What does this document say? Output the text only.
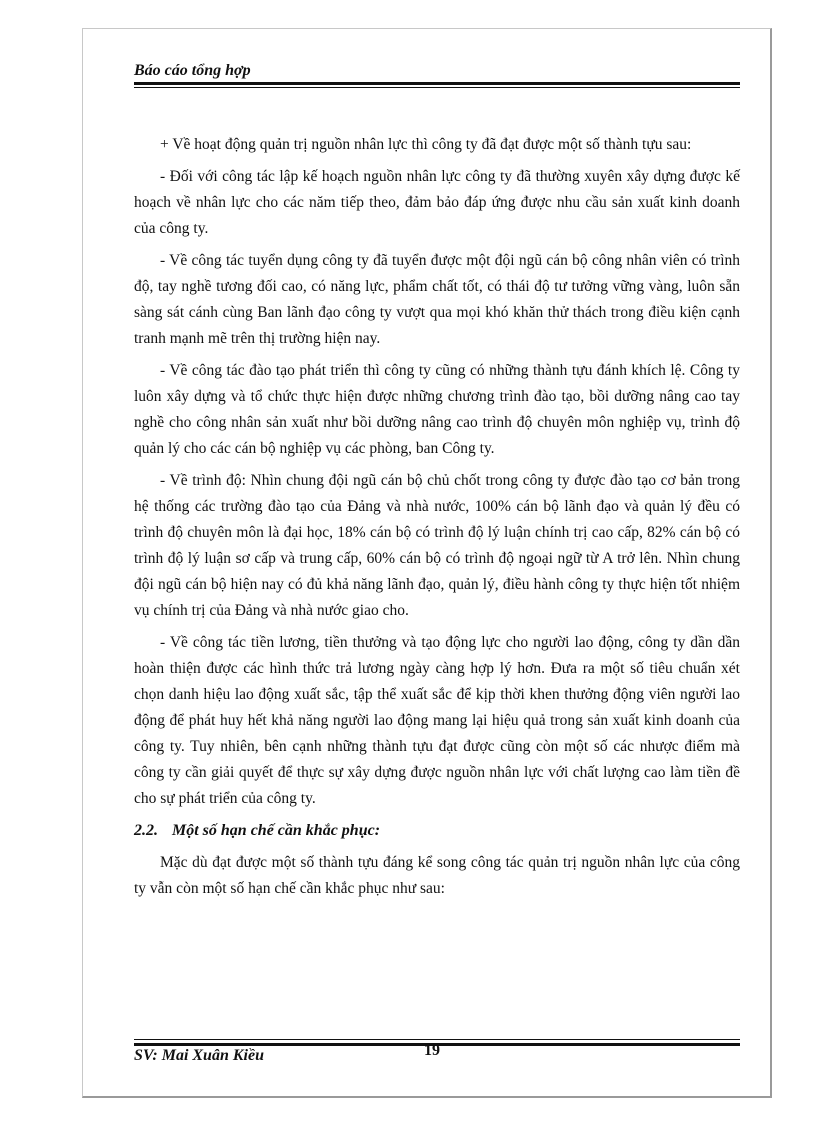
Báo cáo tổng hợp

+ Về hoạt động quản trị nguồn nhân lực thì công ty đã đạt được một số thành tựu sau:

- Đối với công tác lập kế hoạch nguồn nhân lực công ty đã thường xuyên xây dựng được kế hoạch về nhân lực cho các năm tiếp theo, đảm bảo đáp ứng được nhu cầu sản xuất kinh doanh của công ty.

- Về công tác tuyển dụng công ty đã tuyển được một đội ngũ cán bộ công nhân viên có trình độ, tay nghề tương đối cao, có năng lực, phẩm chất tốt, có thái độ tư tưởng vững vàng, luôn sẵn sàng sát cánh cùng Ban lãnh đạo công ty vượt qua mọi khó khăn thử thách trong điều kiện cạnh tranh mạnh mẽ trên thị trường hiện nay.

- Về công tác đào tạo phát triển thì công ty cũng có những thành tựu đánh khích lệ. Công ty luôn xây dựng và tổ chức thực hiện được những chương trình đào tạo, bồi dưỡng nâng cao tay nghề cho công nhân sản xuất như bồi dưỡng nâng cao trình độ chuyên môn nghiệp vụ, trình độ quản lý cho các cán bộ nghiệp vụ các phòng, ban Công ty.

- Về trình độ: Nhìn chung đội ngũ cán bộ chủ chốt trong công ty được đào tạo cơ bản trong hệ thống các trường đào tạo của Đảng và nhà nước, 100% cán bộ lãnh đạo và quản lý đều có trình độ chuyên môn là đại học, 18% cán bộ có trình độ lý luận chính trị cao cấp, 82% cán bộ có trình độ lý luận sơ cấp và trung cấp, 60% cán bộ có trình độ ngoại ngữ từ A trở lên. Nhìn chung đội ngũ cán bộ hiện nay có đủ khả năng lãnh đạo, quản lý, điều hành công ty thực hiện tốt nhiệm vụ chính trị của Đảng và nhà nước giao cho.

- Về công tác tiền lương, tiền thưởng và tạo động lực cho người lao động, công ty dần dần hoàn thiện được các hình thức trả lương ngày càng hợp lý hơn. Đưa ra một số tiêu chuẩn xét chọn danh hiệu lao động xuất sắc, tập thể xuất sắc để kịp thời khen thưởng động viên người lao động để phát huy hết khả năng người lao động mang lại hiệu quả trong sản xuất kinh doanh của công ty. Tuy nhiên, bên cạnh những thành tựu đạt được cũng còn một số các nhược điểm mà công ty cần giải quyết để thực sự xây dựng được nguồn nhân lực với chất lượng cao làm tiền đề cho sự phát triển của công ty.

2.2. Một số hạn chế cần khắc phục:

Mặc dù đạt được một số thành tựu đáng kể song công tác quản trị nguồn nhân lực của công ty vẫn còn một số hạn chế cần khắc phục như sau:

SV: Mai Xuân Kiều	19
